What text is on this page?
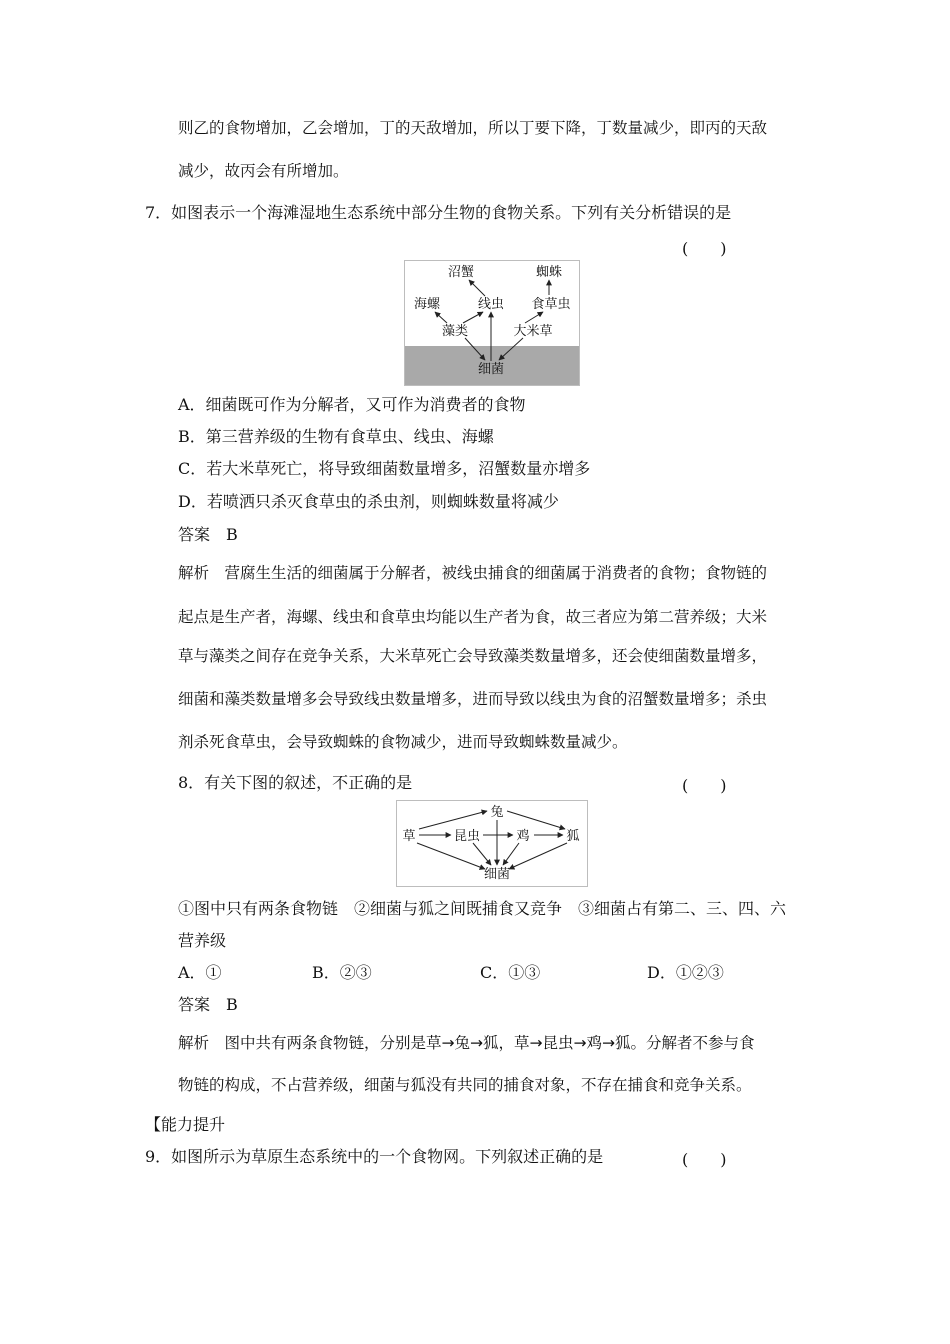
则乙的食物增加，乙会增加，丁的天敌增加，所以丁要下降，丁数量减少，即丙的天敌
减少，故丙会有所增加。
7．如图表示一个海滩湿地生态系统中部分生物的食物关系。下列有关分析错误的是
(　　)
沼蟹	蜘蛛
海螺	线虫 食草虫
藻类	大米草
细菌
A．细菌既可作为分解者，又可作为消费者的食物
B．第三营养级的生物有食草虫、线虫、海螺
C．若大米草死亡，将导致细菌数量增多，沼蟹数量亦增多
D．若喷洒只杀灭食草虫的杀虫剂，则蜘蛛数量将减少
答案　B
解析　营腐生生活的细菌属于分解者，被线虫捕食的细菌属于消费者的食物；食物链的
起点是生产者，海螺、线虫和食草虫均能以生产者为食，故三者应为第二营养级；大米
草与藻类之间存在竞争关系，大米草死亡会导致藻类数量增多，还会使细菌数量增多，
细菌和藻类数量增多会导致线虫数量增多，进而导致以线虫为食的沼蟹数量增多；杀虫
剂杀死食草虫，会导致蜘蛛的食物减少，进而导致蜘蛛数量减少。
8．有关下图的叙述，不正确的是	(　　)
兔
草	昆虫	鸡	狐
细菌
①图中只有两条食物链　②细菌与狐之间既捕食又竞争　③细菌占有第二、三、四、六
营养级
A．①	B．②③	C．①③	D．①②③
答案　B
解析　图中共有两条食物链，分别是草→兔→狐，草→昆虫→鸡→狐。分解者不参与食
物链的构成，不占营养级，细菌与狐没有共同的捕食对象，不存在捕食和竞争关系。
【能力提升
9．如图所示为草原生态系统中的一个食物网。下列叙述正确的是	(　　)
